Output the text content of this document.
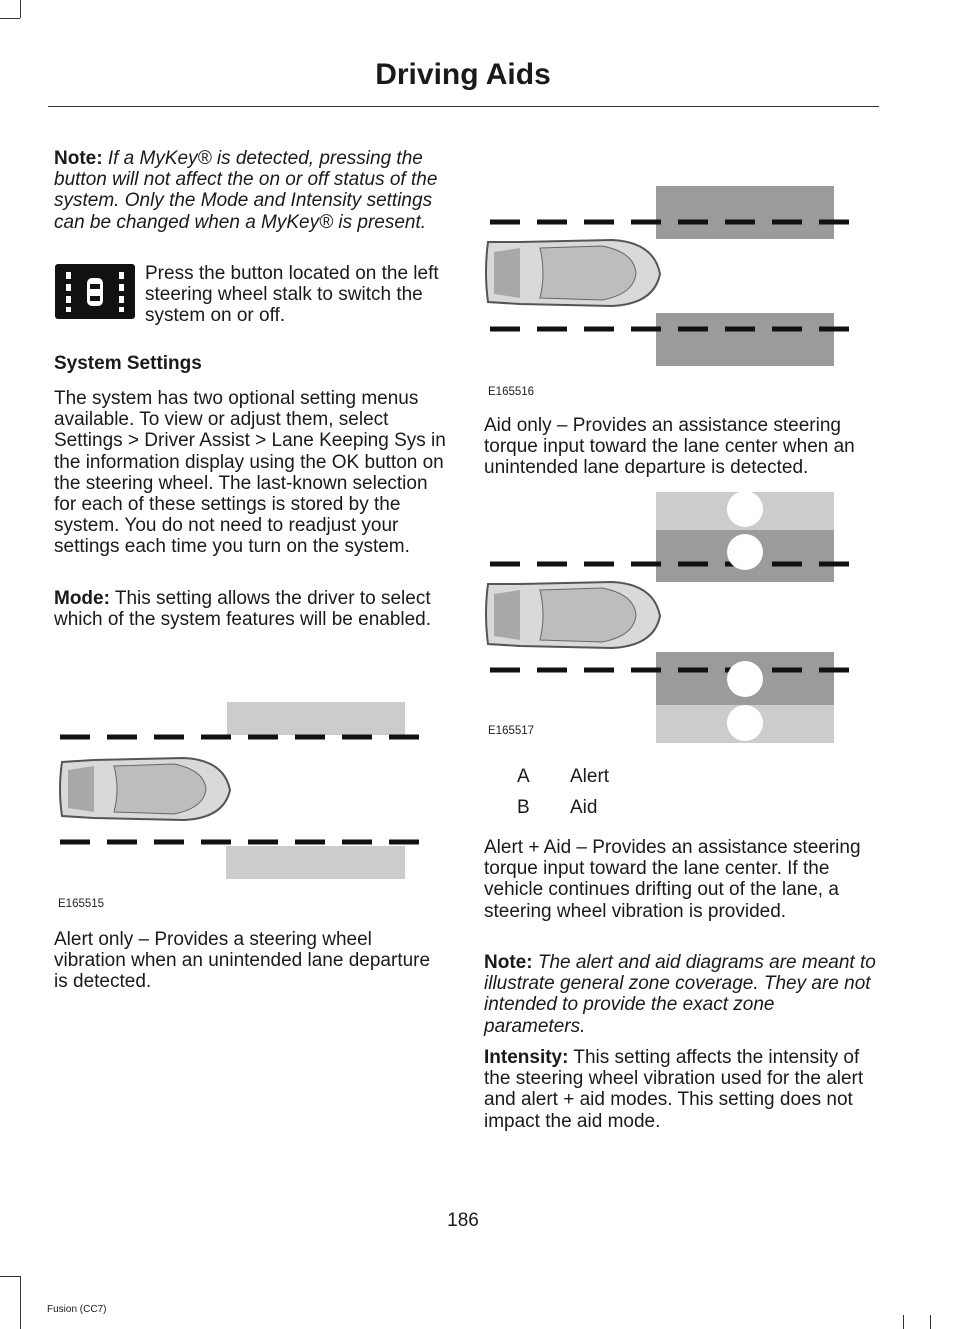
Driving Aids
Note: If a MyKey® is detected, pressing the button will not affect the on or off status of the system. Only the Mode and Intensity settings can be changed when a MyKey® is present.
Press the button located on the left steering wheel stalk to switch the system on or off.
System Settings
The system has two optional setting menus available. To view or adjust them, select Settings > Driver Assist > Lane Keeping Sys in the information display using the OK button on the steering wheel. The last-known selection for each of these settings is stored by the system. You do not need to readjust your settings each time you turn on the system.
Mode: This setting allows the driver to select which of the system features will be enabled.
E165515
Alert only – Provides a steering wheel vibration when an unintended lane departure is detected.
E165516
Aid only – Provides an assistance steering torque input toward the lane center when an unintended lane departure is detected.
A
B
B
A
E165517
A Alert
B Aid
Alert + Aid – Provides an assistance steering torque input toward the lane center. If the vehicle continues drifting out of the lane, a steering wheel vibration is provided.
Note: The alert and aid diagrams are meant to illustrate general zone coverage. They are not intended to provide the exact zone parameters.
Intensity: This setting affects the intensity of the steering wheel vibration used for the alert and alert + aid modes. This setting does not impact the aid mode.
186
Fusion (CC7)
